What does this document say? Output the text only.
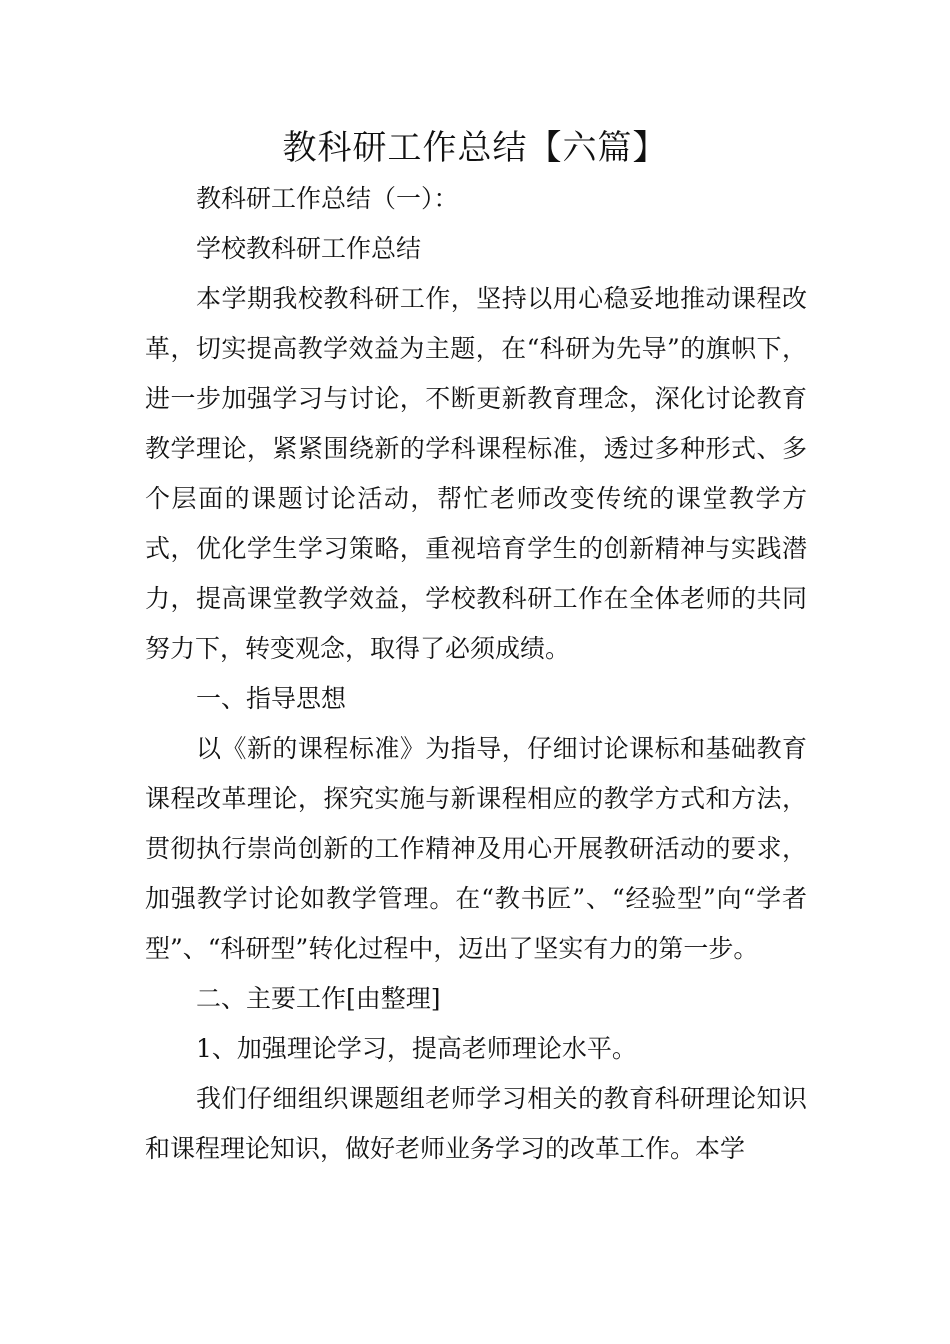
教科研工作总结【六篇】

教科研工作总结（一）：

学校教科研工作总结

本学期我校教科研工作，坚持以用心稳妥地推动课程改革，切实提高教学效益为主题，在“科研为先导”的旗帜下，进一步加强学习与讨论，不断更新教育理念，深化讨论教育教学理论，紧紧围绕新的学科课程标准，透过多种形式、多个层面的课题讨论活动，帮忙老师改变传统的课堂教学方式，优化学生学习策略，重视培育学生的创新精神与实践潜力，提高课堂教学效益，学校教科研工作在全体老师的共同努力下，转变观念，取得了必须成绩。

一、指导思想

以《新的课程标准》为指导，仔细讨论课标和基础教育课程改革理论，探究实施与新课程相应的教学方式和方法，贯彻执行崇尚创新的工作精神及用心开展教研活动的要求，加强教学讨论如教学管理。在“教书匠”、“经验型”向“学者型”、“科研型”转化过程中，迈出了坚实有力的第一步。

二、主要工作[由整理]

1、加强理论学习，提高老师理论水平。

我们仔细组织课题组老师学习相关的教育科研理论知识和课程理论知识，做好老师业务学习的改革工作。本学
